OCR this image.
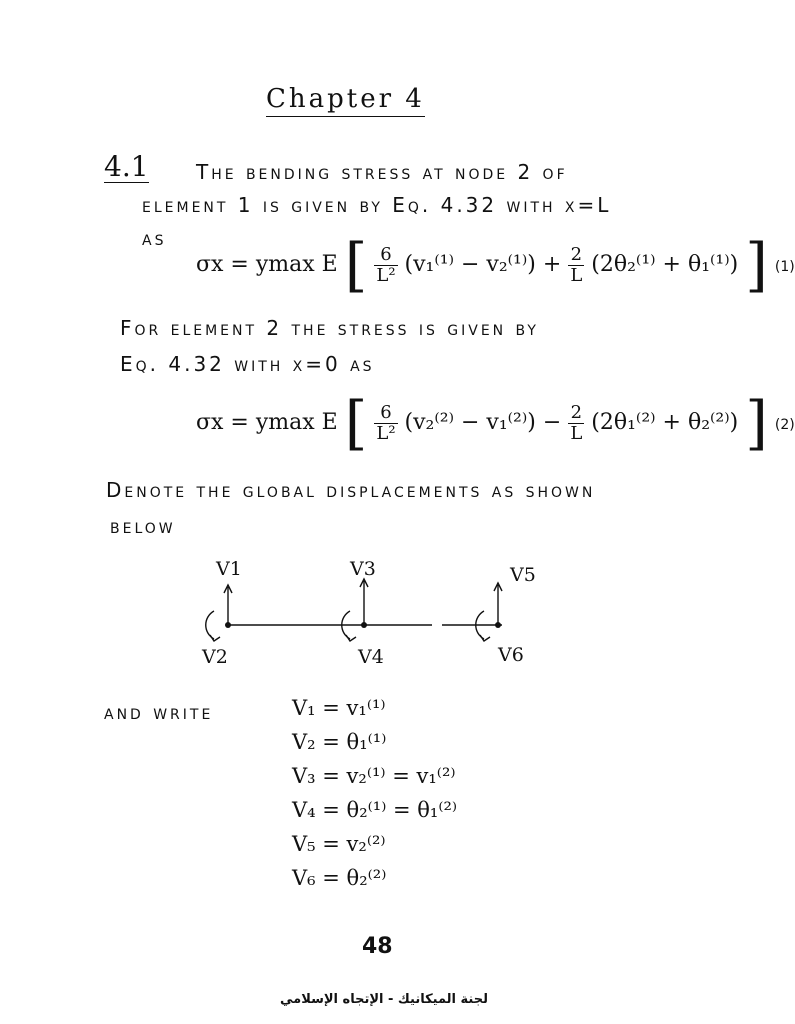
Chapter 4
4.1 The bending stress at node 2 of
element 1 is given by Eq. 4.32 with x=L
as
σx = ymax E [ $\frac{6}{\text{L²}} (v_1^{(1)} - v_2^{(1)}) + \frac{2}{L} (2\theta_2^{(1)} + \theta_1^{(1)})$ ] (1)
For element 2 the stress is given by
Eq. 4.32 with x=0 as
σx = ymax E [ $\frac{6}{\text{L²}} (v_2^{(2)} - v_1^{(2)}) - \frac{2}{L} (2\theta_1^{(2)} + \theta_2^{(2)})$ ] (2)
Denote the global displacements as shown
below
V1
V2
V3
V4
V5
V6
and write	V₁ = v₁⁽¹⁾
V₂ = θ₁⁽¹⁾
V₃ = v₂⁽¹⁾ = v₁⁽²⁾
V₄ = θ₂⁽¹⁾ = θ₁⁽²⁾
V₅ = v₂⁽²⁾
V₆ = θ₂⁽²⁾
48
لجنة الميكانيك - الإتجاه الإسلامي
